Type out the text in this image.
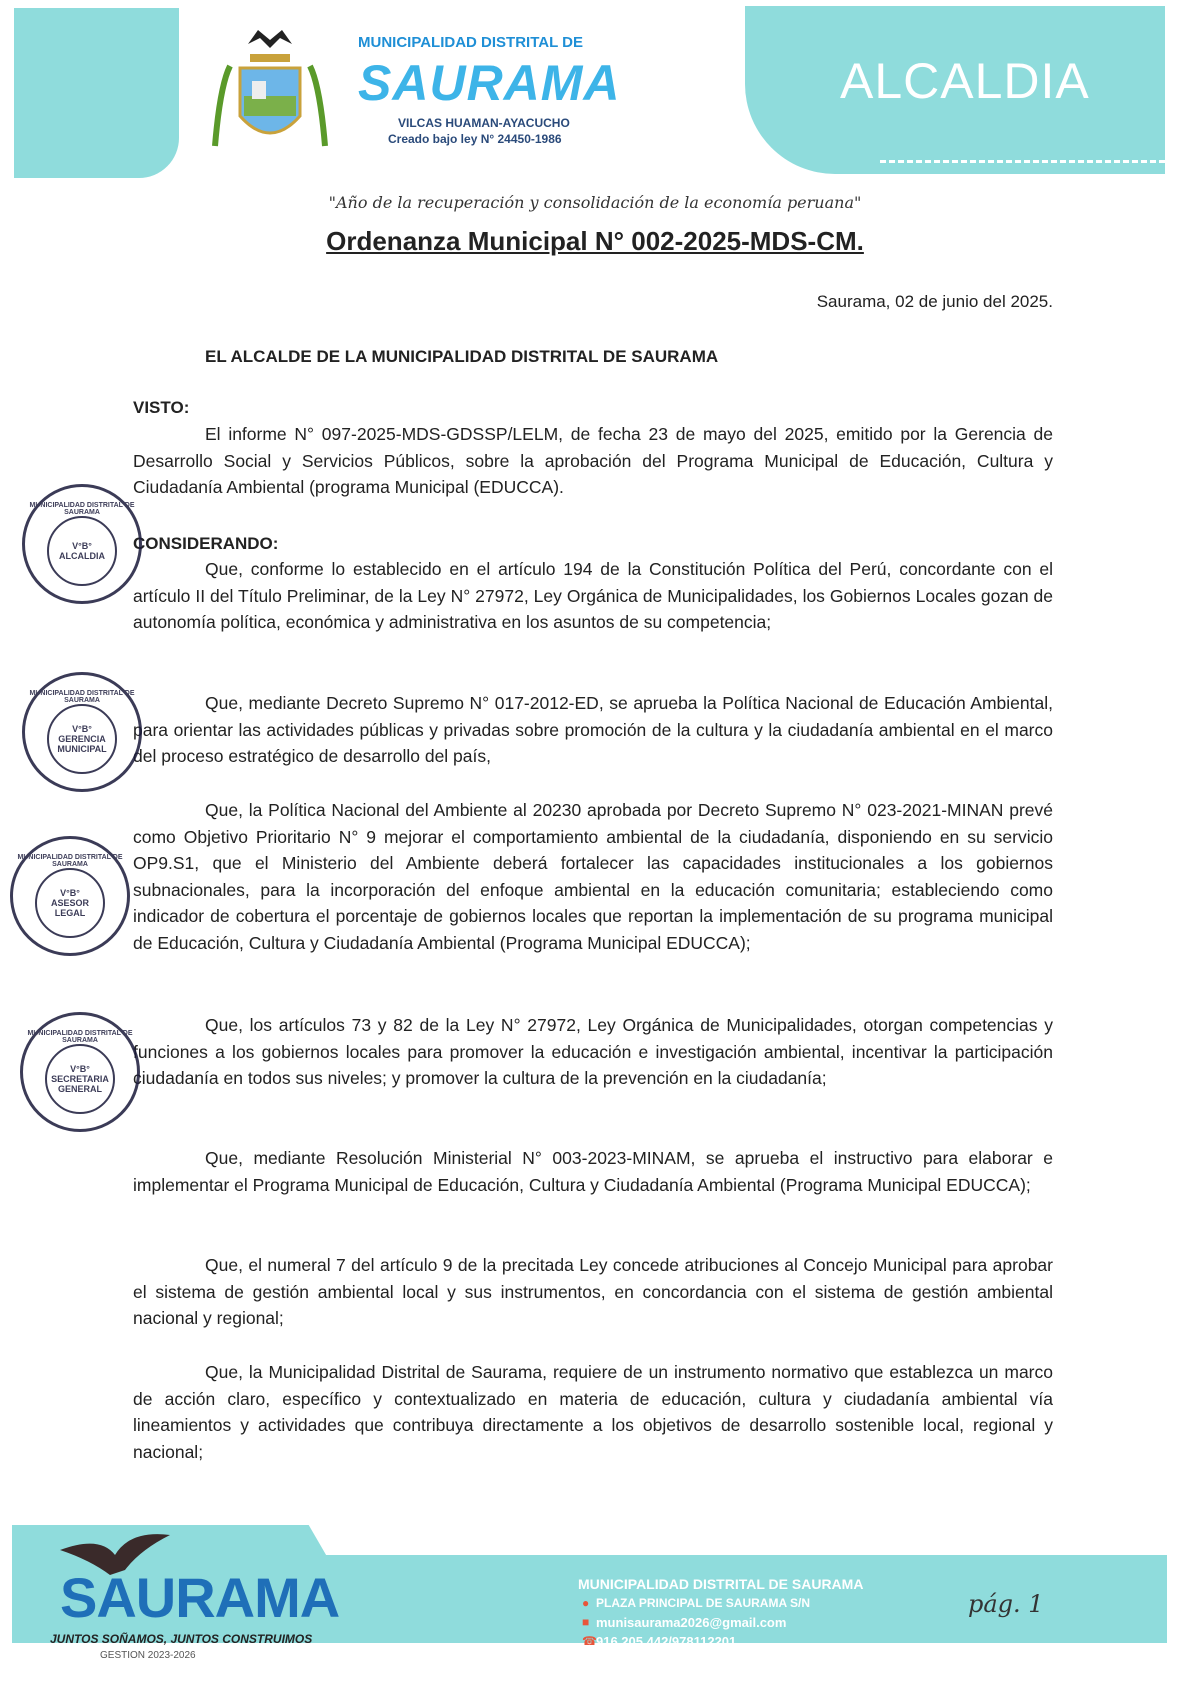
ALCALDIA
MUNICIPALIDAD DISTRITAL DE
SAURAMA
VILCAS HUAMAN-AYACUCHO
Creado bajo ley N° 24450-1986
"Año de la recuperación y consolidación de la economía peruana"
Ordenanza Municipal N° 002-2025-MDS-CM.
Saurama, 02 de junio del 2025.
EL ALCALDE DE LA MUNICIPALIDAD DISTRITAL DE SAURAMA
VISTO:
El informe N° 097-2025-MDS-GDSSP/LELM, de fecha 23 de mayo del 2025, emitido por la Gerencia de Desarrollo Social y Servicios Públicos, sobre la aprobación del Programa Municipal de Educación, Cultura y Ciudadanía Ambiental (programa Municipal (EDUCCA).
CONSIDERANDO:
Que, conforme lo establecido en el artículo 194 de la Constitución Política del Perú, concordante con el artículo II del Título Preliminar, de la Ley N° 27972, Ley Orgánica de Municipalidades, los Gobiernos Locales gozan de autonomía política, económica y administrativa en los asuntos de su competencia;
Que, mediante Decreto Supremo N° 017-2012-ED, se aprueba la Política Nacional de Educación Ambiental, para orientar las actividades públicas y privadas sobre promoción de la cultura y la ciudadanía ambiental en el marco del proceso estratégico de desarrollo del país,
Que, la Política Nacional del Ambiente al 20230 aprobada por Decreto Supremo N° 023-2021-MINAN prevé como Objetivo Prioritario N° 9 mejorar el comportamiento ambiental de la ciudadanía, disponiendo en su servicio OP9.S1, que el Ministerio del Ambiente deberá fortalecer las capacidades institucionales a los gobiernos subnacionales, para la incorporación del enfoque ambiental en la educación comunitaria; estableciendo como indicador de cobertura el porcentaje de gobiernos locales que reportan la implementación de su programa municipal de Educación, Cultura y Ciudadanía Ambiental (Programa Municipal EDUCCA);
Que, los artículos 73 y 82 de la Ley N° 27972, Ley Orgánica de Municipalidades, otorgan competencias y funciones a los gobiernos locales para promover la educación e investigación ambiental, incentivar la participación ciudadanía en todos sus niveles; y promover la cultura de la prevención en la ciudadanía;
Que, mediante Resolución Ministerial N° 003-2023-MINAM, se aprueba el instructivo para elaborar e implementar el Programa Municipal de Educación, Cultura y Ciudadanía Ambiental (Programa Municipal EDUCCA);
Que, el numeral 7 del artículo 9 de la precitada Ley concede atribuciones al Concejo Municipal para aprobar el sistema de gestión ambiental local y sus instrumentos, en concordancia con el sistema de gestión ambiental nacional y regional;
Que, la Municipalidad Distrital de Saurama, requiere de un instrumento normativo que establezca un marco de acción claro, específico y contextualizado en materia de educación, cultura y ciudadanía ambiental vía lineamientos y actividades que contribuya directamente a los objetivos de desarrollo sostenible local, regional y nacional;
MUNICIPALIDAD DISTRITAL DE SAURAMA
V°B°
ALCALDIA
MUNICIPALIDAD DISTRITAL DE SAURAMA
V°B°
GERENCIA MUNICIPAL
MUNICIPALIDAD DISTRITAL DE SAURAMA
V°B°
ASESOR LEGAL
MUNICIPALIDAD DISTRITAL DE SAURAMA
V°B°
SECRETARIA GENERAL
SAURAMA
JUNTOS SOÑAMOS, JUNTOS CONSTRUIMOS
GESTION 2023-2026
MUNICIPALIDAD DISTRITAL DE SAURAMA
PLAZA PRINCIPAL DE SAURAMA S/N
munisaurama2026@gmail.com
916 205 442/978112201
●
■
☎
pág. 1
